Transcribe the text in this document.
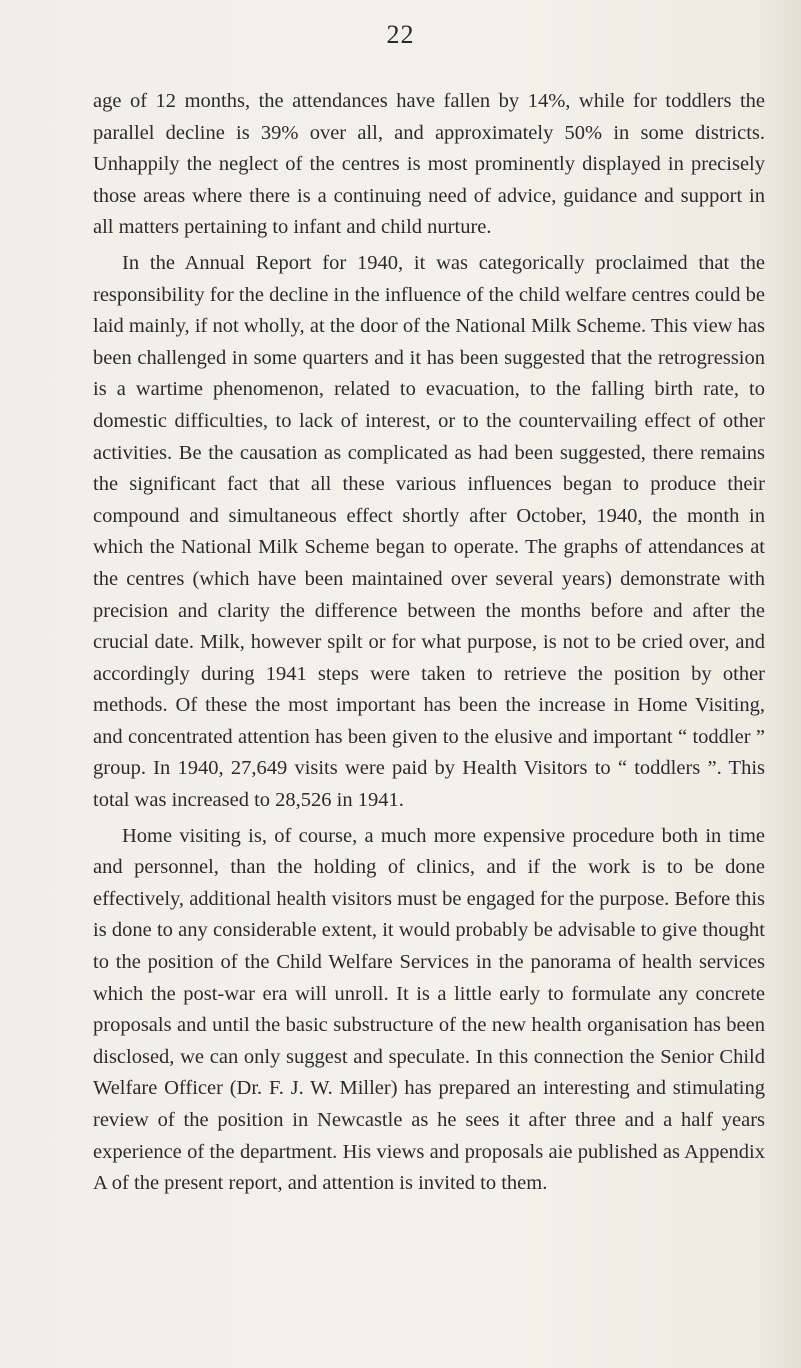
22

age of 12 months, the attendances have fallen by 14%, while for toddlers the parallel decline is 39% over all, and approximately 50% in some districts. Unhappily the neglect of the centres is most prominently displayed in precisely those areas where there is a continuing need of advice, guidance and support in all matters pertaining to infant and child nurture.

In the Annual Report for 1940, it was categorically proclaimed that the responsibility for the decline in the influence of the child welfare centres could be laid mainly, if not wholly, at the door of the National Milk Scheme. This view has been challenged in some quarters and it has been suggested that the retrogression is a wartime phenomenon, related to evacuation, to the falling birth rate, to domestic difficulties, to lack of interest, or to the countervailing effect of other activities. Be the causation as complicated as had been suggested, there remains the significant fact that all these various influences began to produce their compound and simultaneous effect shortly after October, 1940, the month in which the National Milk Scheme began to operate. The graphs of attendances at the centres (which have been maintained over several years) demonstrate with precision and clarity the difference between the months before and after the crucial date. Milk, however spilt or for what purpose, is not to be cried over, and accordingly during 1941 steps were taken to retrieve the position by other methods. Of these the most important has been the increase in Home Visiting, and concentrated attention has been given to the elusive and important “ toddler ” group. In 1940, 27,649 visits were paid by Health Visitors to “ toddlers ”. This total was increased to 28,526 in 1941.

Home visiting is, of course, a much more expensive procedure both in time and personnel, than the holding of clinics, and if the work is to be done effectively, additional health visitors must be engaged for the purpose. Before this is done to any considerable extent, it would probably be advisable to give thought to the position of the Child Welfare Services in the panorama of health services which the post-war era will unroll. It is a little early to formulate any concrete proposals and until the basic substructure of the new health organisation has been disclosed, we can only suggest and speculate. In this connection the Senior Child Welfare Officer (Dr. F. J. W. Miller) has prepared an interesting and stimulating review of the position in Newcastle as he sees it after three and a half years experience of the department. His views and proposals aie published as Appendix A of the present report, and attention is invited to them.
